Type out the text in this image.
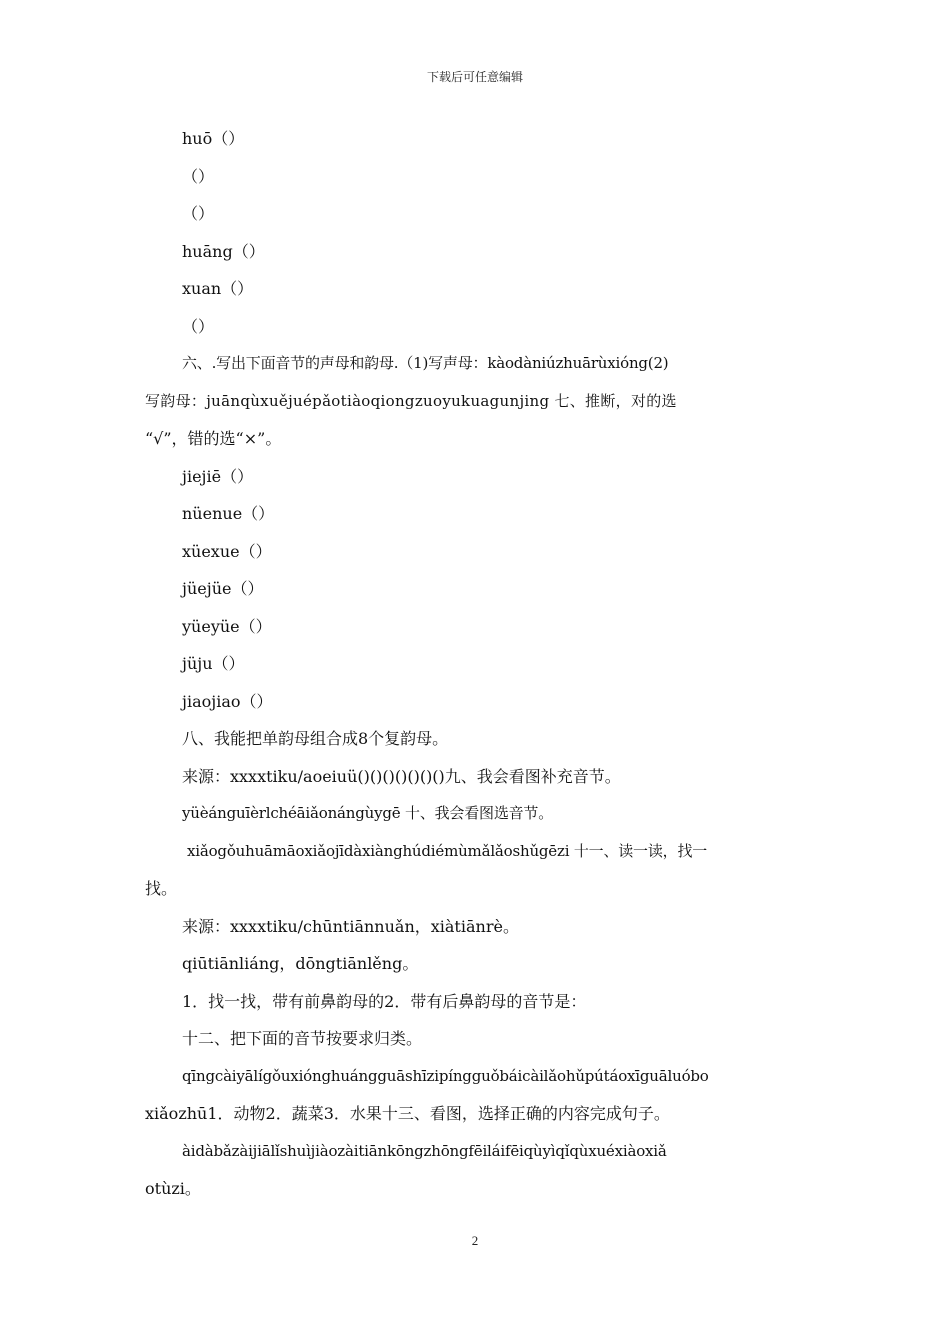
下载后可任意编辑

huō（）

（）

（）

huāng（）

xuan（）

（）

六、.写出下面音节的声母和韵母.（1)写声母：kàodàniúzhuārùxióng(2)

写韵母：juānqùxuějuépǎotiàoqiongzuoyukuagunjing 七、推断，对的选

“√”，错的选“×”。

jiejiē（）

nüenue（）

xüexue（）

jüejüe（）

yüeyüe（）

jüju（）

jiaojiao（）

八、我能把单韵母组合成8个复韵母。

来源：xxxxtiku/aoeiuü()()()()()()()九、我会看图补充音节。

yüèánguīèrlchéāiǎonángùygē 十、我会看图选音节。

xiǎogǒuhuāmāoxiǎojīdàxiànghúdiémùmǎlǎoshǔgēzi 十一、读一读，找一

找。

来源：xxxxtiku/chūntiānnuǎn，xiàtiānrè。

qiūtiānliáng，dōngtiānlěng。

1．找一找，带有前鼻韵母的2．带有后鼻韵母的音节是：

十二、把下面的音节按要求归类。

qīngcàiyālígǒuxiónghuángguāshīzipíngguǒbáicàilǎohǔpútáoxīguāluóbo

xiǎozhū1．动物2．蔬菜3．水果十三、看图，选择正确的内容完成句子。

àidàbǎzàijiālǐshuìjiàozàitiānkōngzhōngfēiláifēiqùyìqǐqùxuéxiàoxiǎ

otùzi。

2
